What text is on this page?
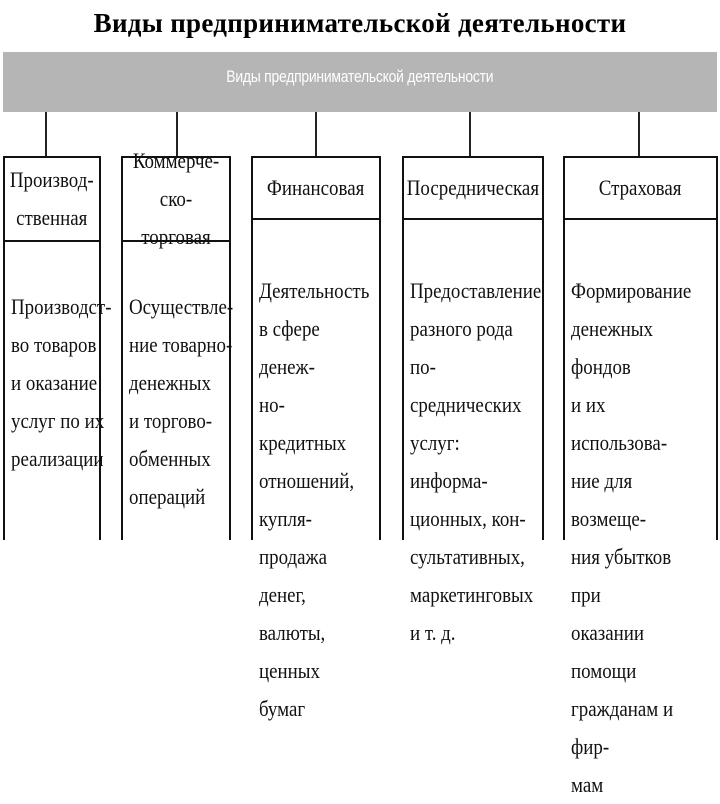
Виды предпринимательской деятельности
Виды предпринимательской деятельности
Производ-
ственная

Производст-
во товаров
и оказание
услуг по их
реализации

Коммерче-
ско-торговая

Осуществле-
ние товарно-
денежных
и торгово-
обменных
операций

Финансовая

Деятельность
в сфере денеж-
но-кредитных
отношений,
купля-продажа
денег, валюты,
ценных бумаг

Посредническая

Предоставление
разного рода по-
среднических
услуг: информа-
ционных, кон-
сультативных,
маркетинговых
и т. д.

Страховая

Формирование
денежных фондов
и их использова-
ние для возмеще-
ния убытков при
оказании помощи
гражданам и фир-
мам
